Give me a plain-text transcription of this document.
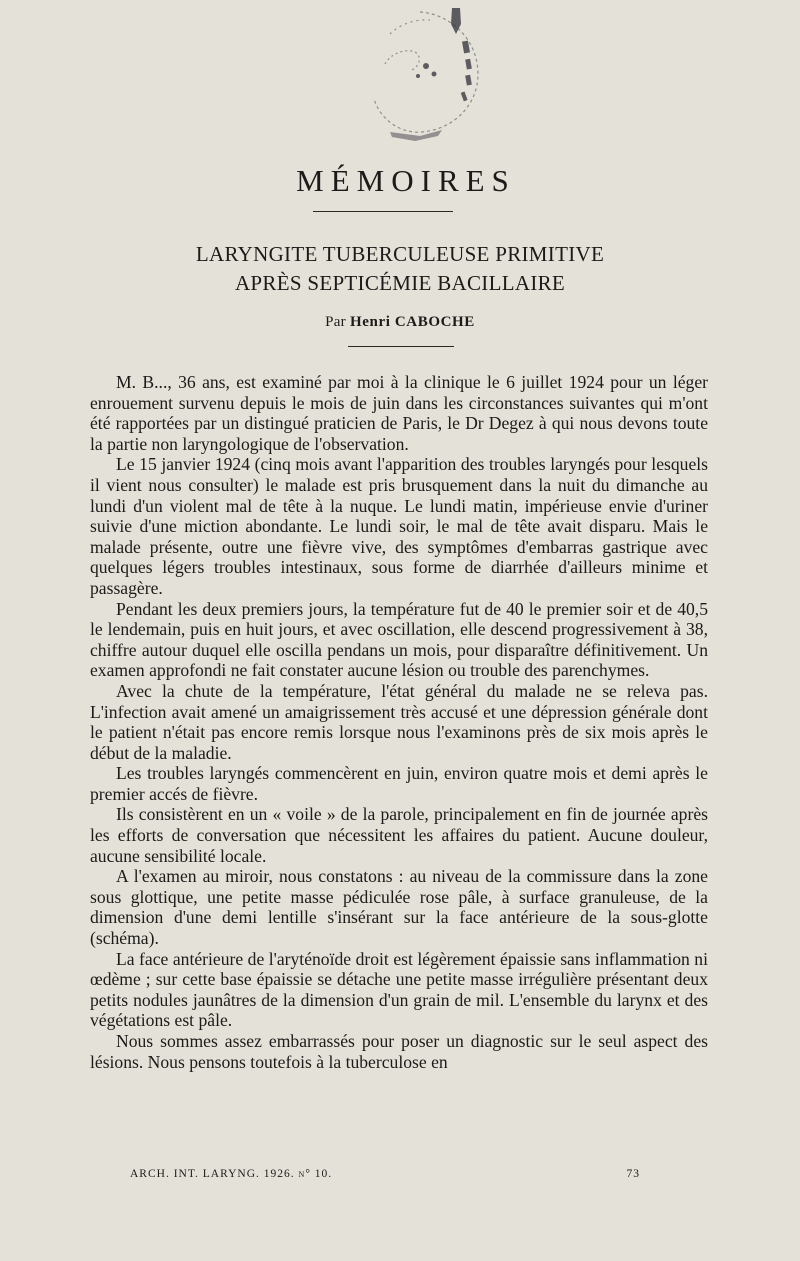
MÉMOIRES
LARYNGITE TUBERCULEUSE PRIMITIVE
APRÈS SEPTICÉMIE BACILLAIRE
Par Henri CABOCHE

M. B..., 36 ans, est examiné par moi à la clinique le 6 juillet 1924 pour un léger enrouement survenu depuis le mois de juin dans les circonstances suivantes qui m'ont été rapportées par un distingué praticien de Paris, le Dr Degez à qui nous devons toute la partie non laryngologique de l'observation.

Le 15 janvier 1924 (cinq mois avant l'apparition des troubles laryngés pour lesquels il vient nous consulter) le malade est pris brusquement dans la nuit du dimanche au lundi d'un violent mal de tête à la nuque. Le lundi matin, impérieuse envie d'uriner suivie d'une miction abondante. Le lundi soir, le mal de tête avait disparu. Mais le malade présente, outre une fièvre vive, des symptômes d'embarras gastrique avec quelques légers troubles intestinaux, sous forme de diarrhée d'ailleurs minime et passagère.

Pendant les deux premiers jours, la température fut de 40 le premier soir et de 40,5 le lendemain, puis en huit jours, et avec oscillation, elle descend progressivement à 38, chiffre autour duquel elle oscilla pendans un mois, pour disparaître définitivement. Un examen approfondi ne fait constater aucune lésion ou trouble des parenchymes.

Avec la chute de la température, l'état général du malade ne se releva pas. L'infection avait amené un amaigrissement très accusé et une dépression générale dont le patient n'était pas encore remis lorsque nous l'examinons près de six mois après le début de la maladie.

Les troubles laryngés commencèrent en juin, environ quatre mois et demi après le premier accés de fièvre.

Ils consistèrent en un « voile » de la parole, principalement en fin de journée après les efforts de conversation que nécessitent les affaires du patient. Aucune douleur, aucune sensibilité locale.

A l'examen au miroir, nous constatons : au niveau de la commissure dans la zone sous glottique, une petite masse pédiculée rose pâle, à surface granuleuse, de la dimension d'une demi lentille s'insérant sur la face antérieure de la sous-glotte (schéma).

La face antérieure de l'aryténoïde droit est légèrement épaissie sans inflammation ni œdème ; sur cette base épaissie se détache une petite masse irrégulière présentant deux petits nodules jaunâtres de la dimension d'un grain de mil. L'ensemble du larynx et des végétations est pâle.

Nous sommes assez embarrassés pour poser un diagnostic sur le seul aspect des lésions. Nous pensons toutefois à la tuberculose en

ARCH. INT. LARYNG. 1926. n° 10.	73
